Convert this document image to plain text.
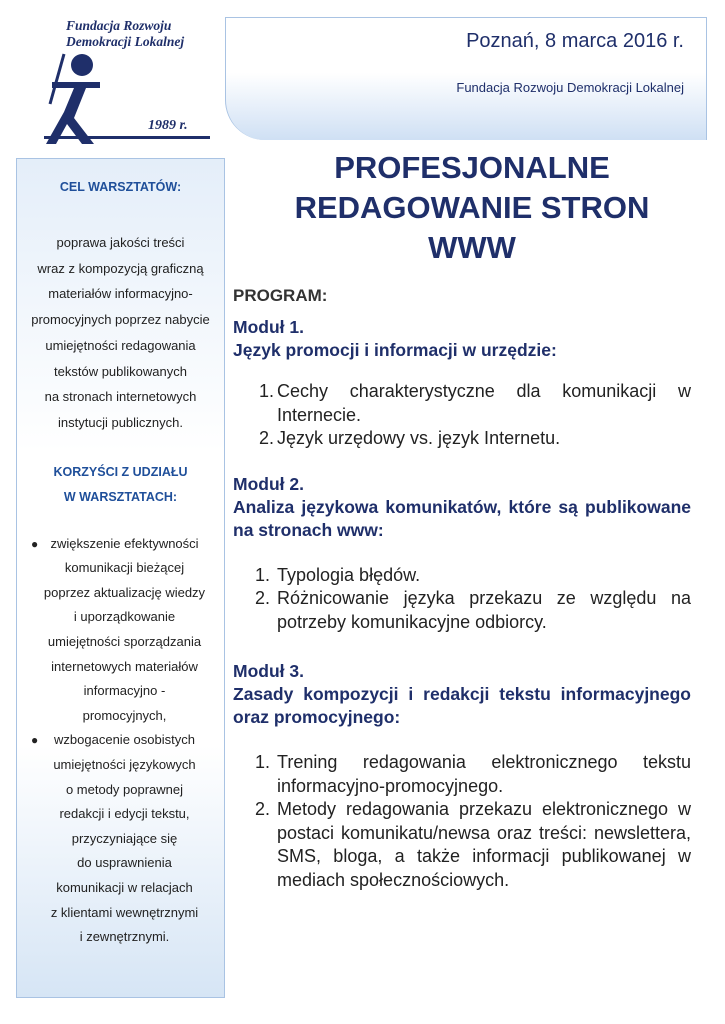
Fundacja Rozwoju
Demokracji Lokalnej
1989 r.
Poznań, 8 marca 2016 r.
Fundacja Rozwoju Demokracji Lokalnej
CEL WARSZTATÓW:
poprawa jakości treści
wraz z kompozycją graficzną
materiałów informacyjno-
promocyjnych poprzez nabycie
umiejętności redagowania
tekstów publikowanych
na stronach internetowych
instytucji publicznych.
KORZYŚCI Z UDZIAŁU
W WARSZTATACH:
● zwiększenie efektywności
komunikacji bieżącej
poprzez aktualizację wiedzy
i uporządkowanie
umiejętności sporządzania
internetowych materiałów
informacyjno -
promocyjnych,
●	wzbogacenie osobistych
umiejętności językowych
o metody poprawnej
redakcji i edycji tekstu,
przyczyniające się
do usprawnienia
komunikacji w relacjach
z klientami wewnętrznymi
i zewnętrznymi.
PROFESJONALNE
REDAGOWANIE STRON
WWW
PROGRAM:
Moduł 1.
Język promocji i informacji w urzędzie:
1. Cechy charakterystyczne dla komunikacji w Internecie.
2. Język urzędowy vs. język Internetu.
Moduł 2.
Analiza językowa komunikatów, które są publikowane na stronach www:
1. Typologia błędów.
2. Różnicowanie języka przekazu ze względu na potrzeby komunikacyjne odbiorcy.
Moduł 3.
Zasady kompozycji i redakcji tekstu informacyjnego oraz promocyjnego:
1. Trening redagowania elektronicznego tekstu informacyjno-promocyjnego.
2. Metody redagowania przekazu elektronicznego w postaci komunikatu/newsa oraz treści: newslettera, SMS, bloga, a także informacji publikowanej w mediach społecznościowych.
